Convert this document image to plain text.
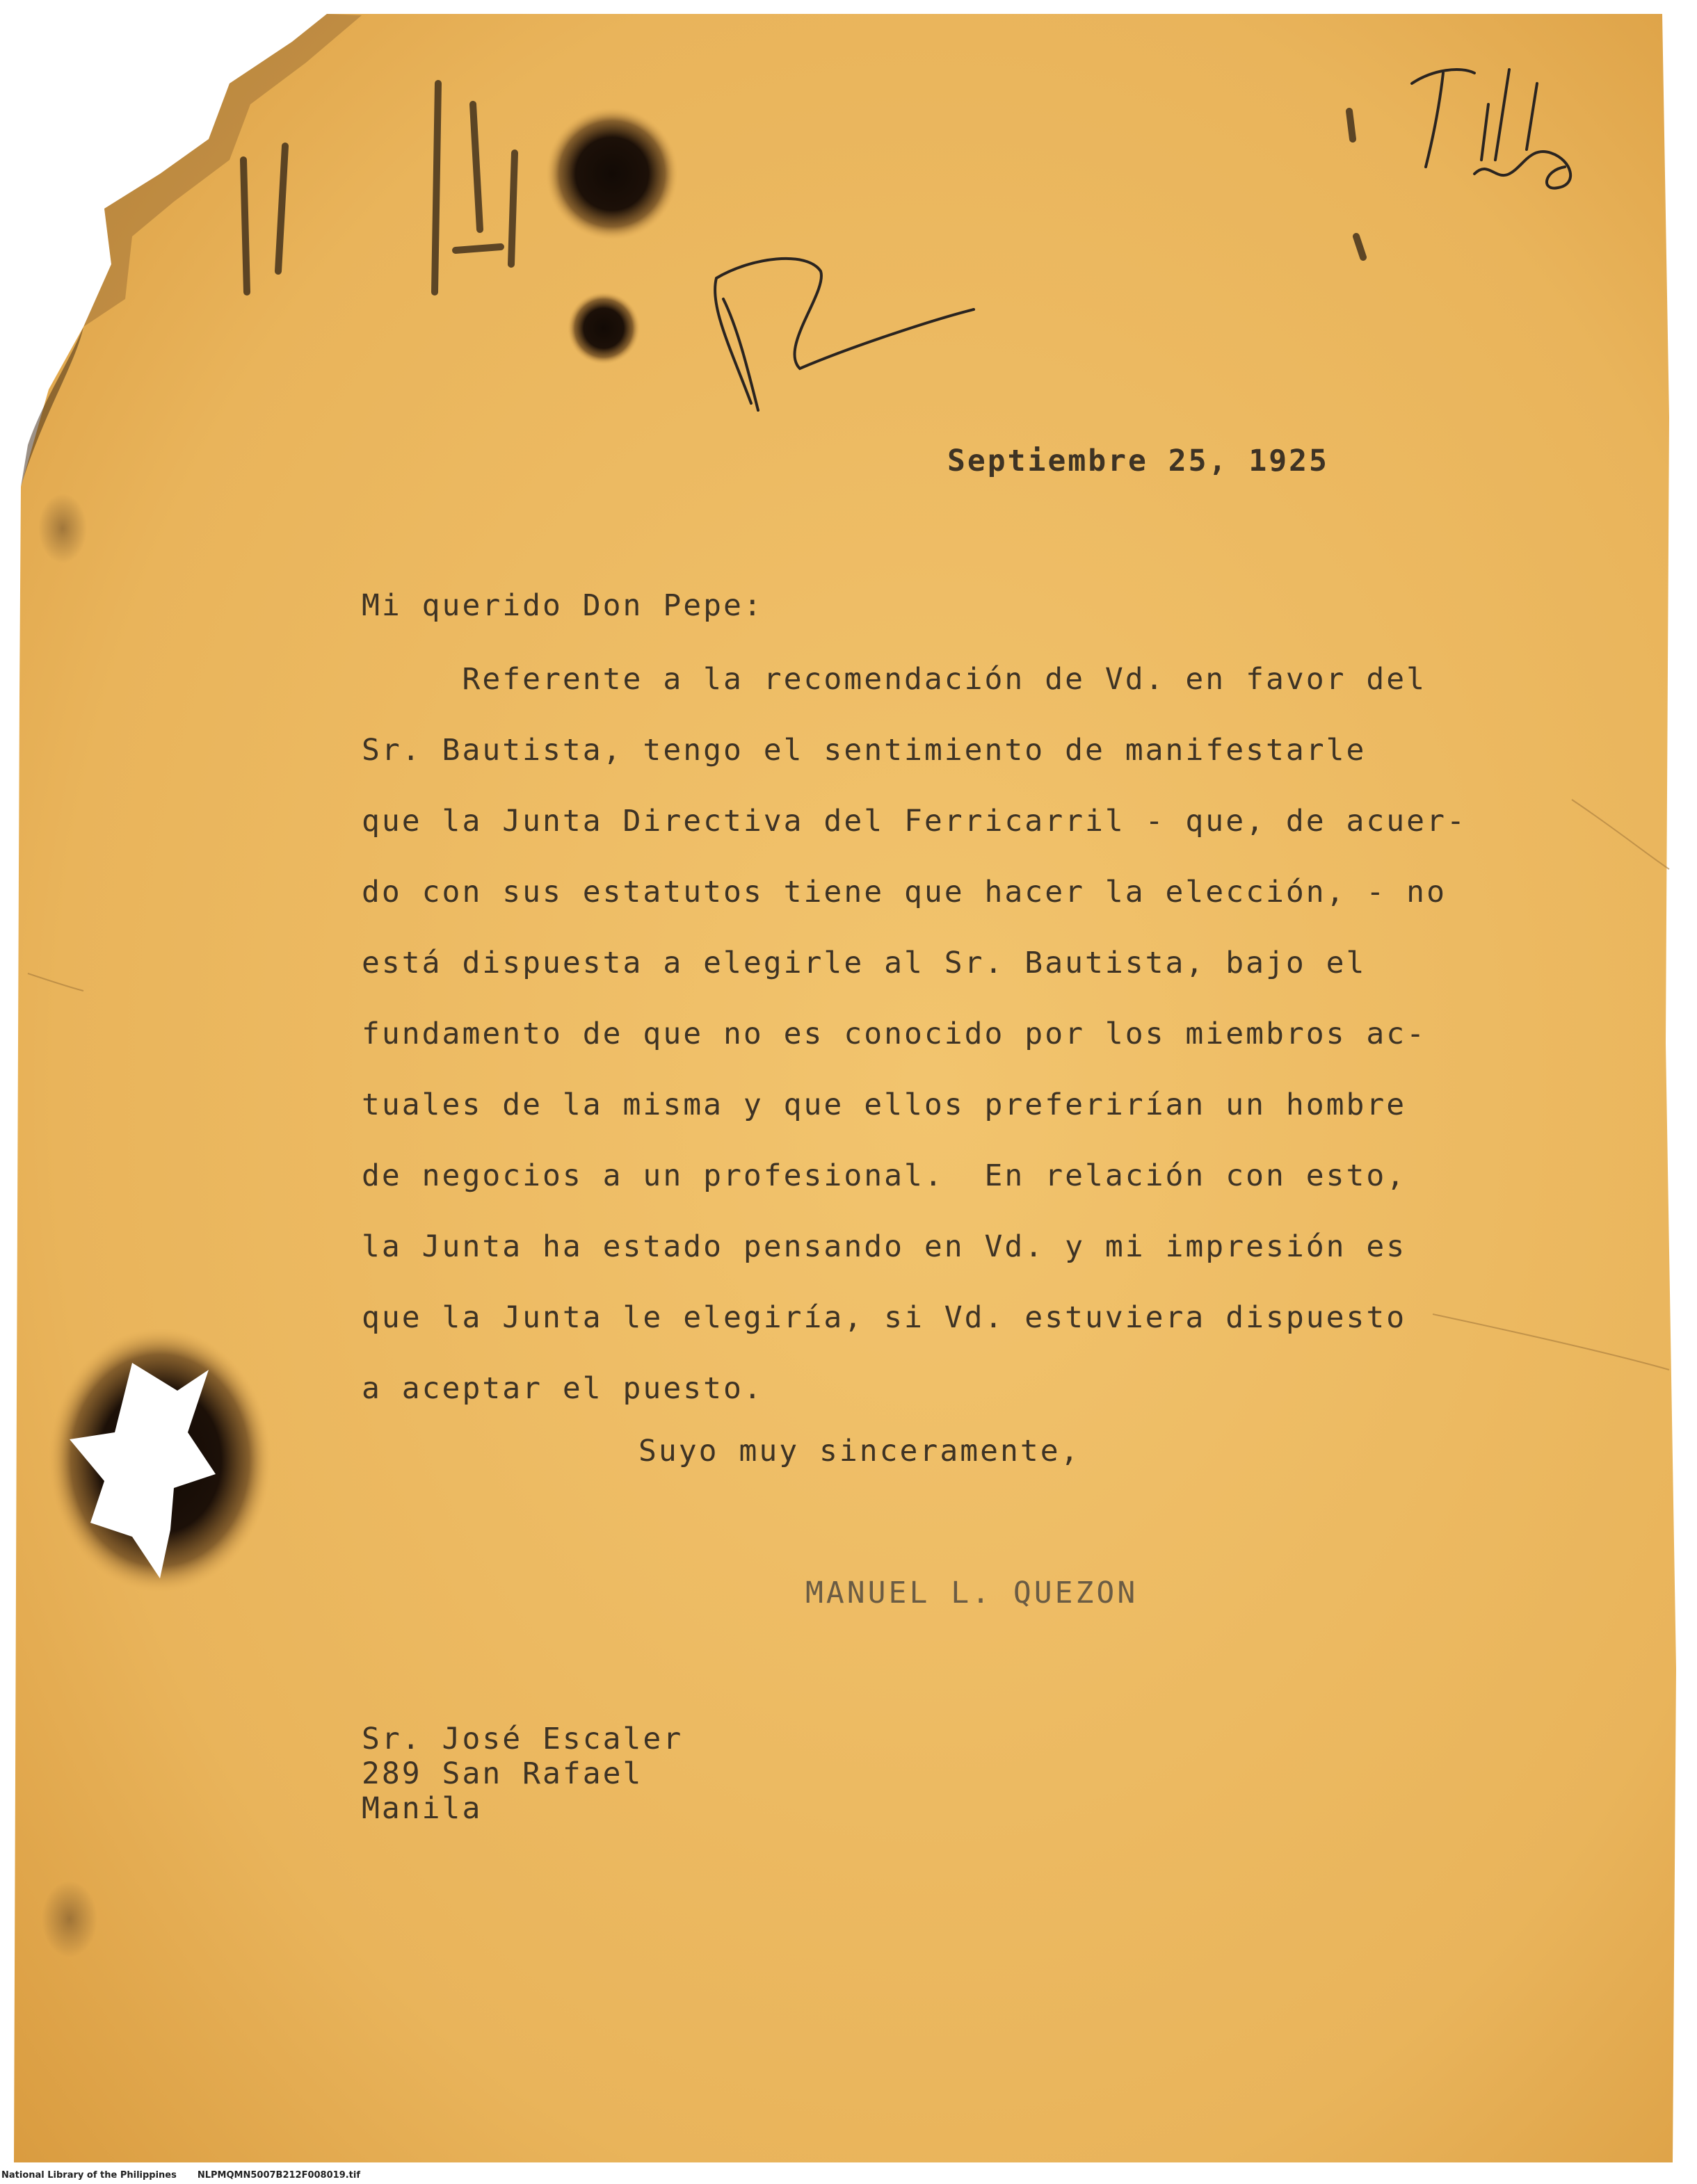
Septiembre 25, 1925
Mi querido Don Pepe:
Referente a la recomendación de Vd. en favor del
Sr. Bautista, tengo el sentimiento de manifestarle
que la Junta Directiva del Ferricarril - que, de acuer-
do con sus estatutos tiene que hacer la elección, - no
está dispuesta a elegirle al Sr. Bautista, bajo el
fundamento de que no es conocido por los miembros ac-
tuales de la misma y que ellos preferirían un hombre
de negocios a un profesional.  En relación con esto,
la Junta ha estado pensando en Vd. y mi impresión es
que la Junta le elegiría, si Vd. estuviera dispuesto
a aceptar el puesto.
Suyo muy sinceramente,
MANUEL L. QUEZON
Sr. José Escaler
289 San Rafael
Manila
National Library of the Philippines NLPMQMN5007B212F008019.tif
